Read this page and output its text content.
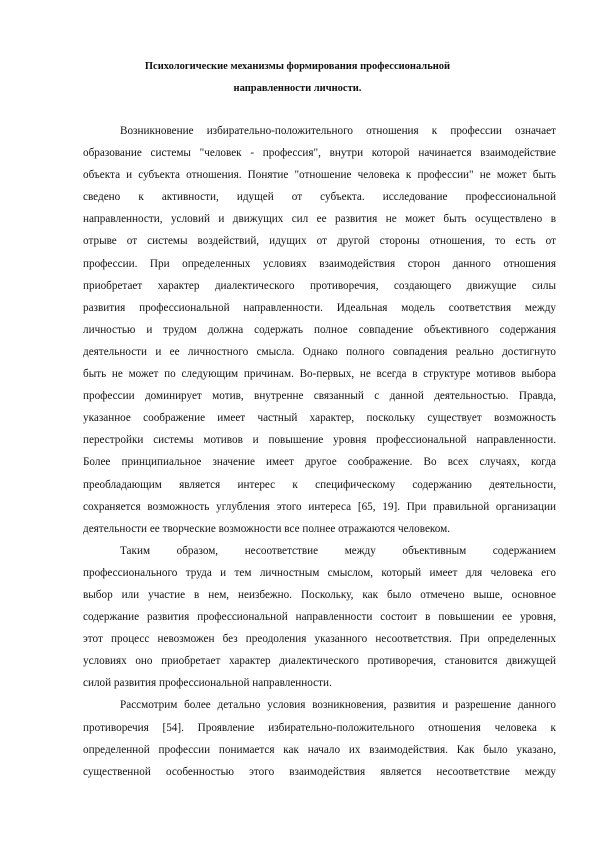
Психологические механизмы формирования профессиональной
направленности личности.
Возникновение избирательно-положительного отношения к профессии означает
образование системы "человек - профессия", внутри которой начинается взаимодействие
объекта и субъекта отношения. Понятие "отношение человека к профессии" не может быть
сведено к активности, идущей от субъекта. исследование профессиональной
направленности, условий и движущих сил ее развития не может быть осуществлено в
отрыве от системы воздействий, идущих от другой стороны отношения, то есть от
профессии. При определенных условиях взаимодействия сторон данного отношения
приобретает характер диалектического противоречия, создающего движущие силы
развития профессиональной направленности. Идеальная модель соответствия между
личностью и трудом должна содержать полное совпадение объективного содержания
деятельности и ее личностного смысла. Однако полного совпадения реально достигнуто
быть не может по следующим причинам. Во-первых, не всегда в структуре мотивов выбора
профессии доминирует мотив, внутренне связанный с данной деятельностью. Правда,
указанное соображение имеет частный характер, поскольку существует возможность
перестройки системы мотивов и повышение уровня профессиональной направленности.
Более принципиальное значение имеет другое соображение. Во всех случаях, когда
преобладающим является интерес к специфическому содержанию деятельности,
сохраняется возможность углубления этого интереса [65, 19]. При правильной организации
деятельности ее творческие возможности все полнее отражаются человеком.
Таким образом, несоответствие между объективным содержанием
профессионального труда и тем личностным смыслом, который имеет для человека его
выбор или участие в нем, неизбежно. Поскольку, как было отмечено выше, основное
содержание развития профессиональной направленности состоит в повышении ее уровня,
этот процесс невозможен без преодоления указанного несоответствия. При определенных
условиях оно приобретает характер диалектического противоречия, становится движущей
силой развития профессиональной направленности.
Рассмотрим более детально условия возникновения, развития и разрешение данного
противоречия [54]. Проявление избирательно-положительного отношения человека к
определенной профессии понимается как начало их взаимодействия. Как было указано,
существенной особенностью этого взаимодействия является несоответствие между
